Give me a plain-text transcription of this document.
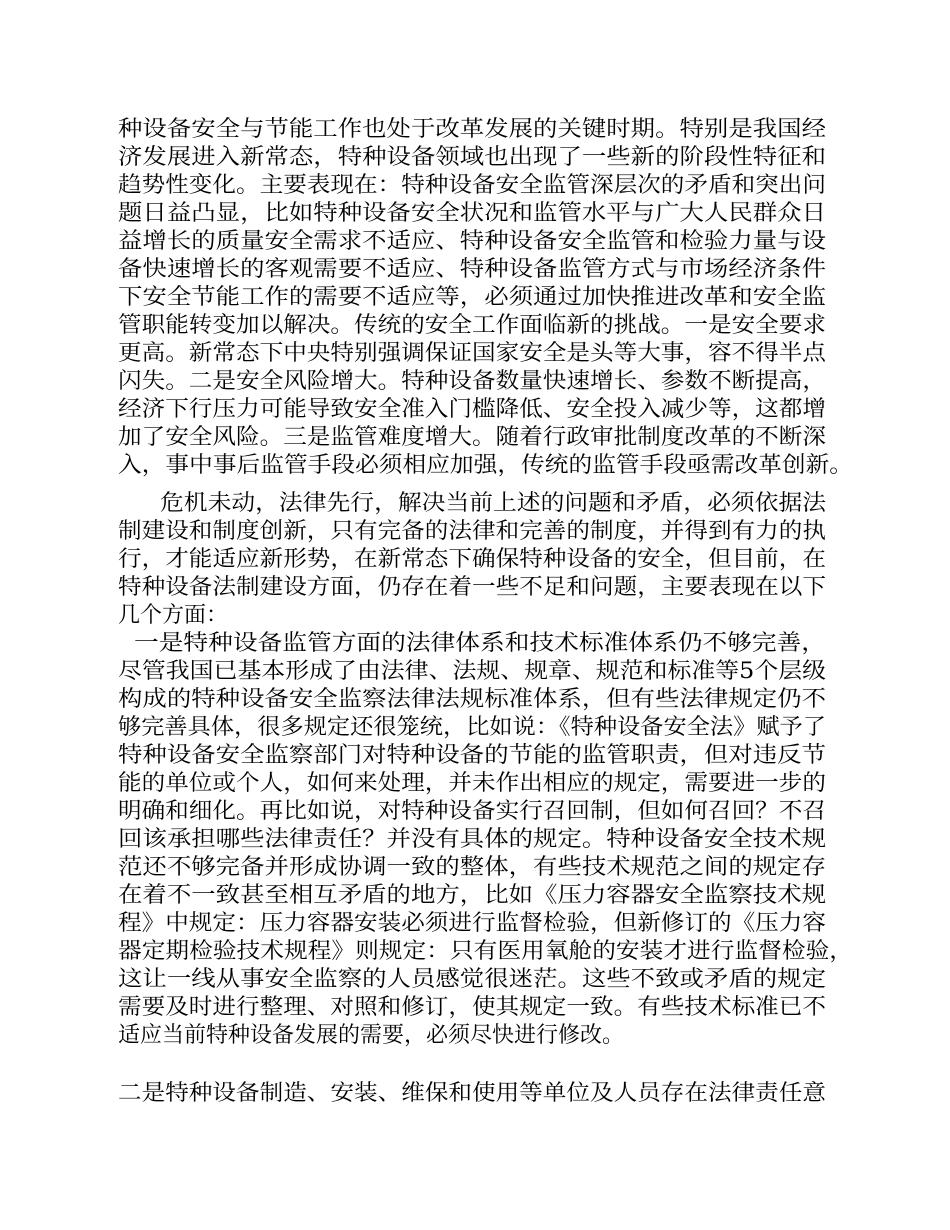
种设备安全与节能工作也处于改革发展的关键时期。特别是我国经
济发展进入新常态，特种设备领域也出现了一些新的阶段性特征和
趋势性变化。主要表现在：特种设备安全监管深层次的矛盾和突出问
题日益凸显，比如特种设备安全状况和监管水平与广大人民群众日
益增长的质量安全需求不适应、特种设备安全监管和检验力量与设
备快速增长的客观需要不适应、特种设备监管方式与市场经济条件
下安全节能工作的需要不适应等，必须通过加快推进改革和安全监
管职能转变加以解决。传统的安全工作面临新的挑战。一是安全要求
更高。新常态下中央特别强调保证国家安全是头等大事，容不得半点
闪失。二是安全风险增大。特种设备数量快速增长、参数不断提高，
经济下行压力可能导致安全准入门槛降低、安全投入减少等，这都增
加了安全风险。三是监管难度增大。随着行政审批制度改革的不断深
入，事中事后监管手段必须相应加强，传统的监管手段亟需改革创新。
危机未动，法律先行，解决当前上述的问题和矛盾，必须依据法
制建设和制度创新，只有完备的法律和完善的制度，并得到有力的执
行，才能适应新形势，在新常态下确保特种设备的安全，但目前，在
特种设备法制建设方面，仍存在着一些不足和问题，主要表现在以下
几个方面：
一是特种设备监管方面的法律体系和技术标准体系仍不够完善，
尽管我国已基本形成了由法律、法规、规章、规范和标准等5个层级
构成的特种设备安全监察法律法规标准体系，但有些法律规定仍不
够完善具体，很多规定还很笼统，比如说：《特种设备安全法》赋予了
特种设备安全监察部门对特种设备的节能的监管职责，但对违反节
能的单位或个人，如何来处理，并未作出相应的规定，需要进一步的
明确和细化。再比如说，对特种设备实行召回制，但如何召回？不召
回该承担哪些法律责任？并没有具体的规定。特种设备安全技术规
范还不够完备并形成协调一致的整体，有些技术规范之间的规定存
在着不一致甚至相互矛盾的地方，比如《压力容器安全监察技术规
程》中规定：压力容器安装必须进行监督检验，但新修订的《压力容
器定期检验技术规程》则规定：只有医用氧舱的安装才进行监督检验，
这让一线从事安全监察的人员感觉很迷茫。这些不致或矛盾的规定
需要及时进行整理、对照和修订，使其规定一致。有些技术标准已不
适应当前特种设备发展的需要，必须尽快进行修改。
二是特种设备制造、安装、维保和使用等单位及人员存在法律责任意
